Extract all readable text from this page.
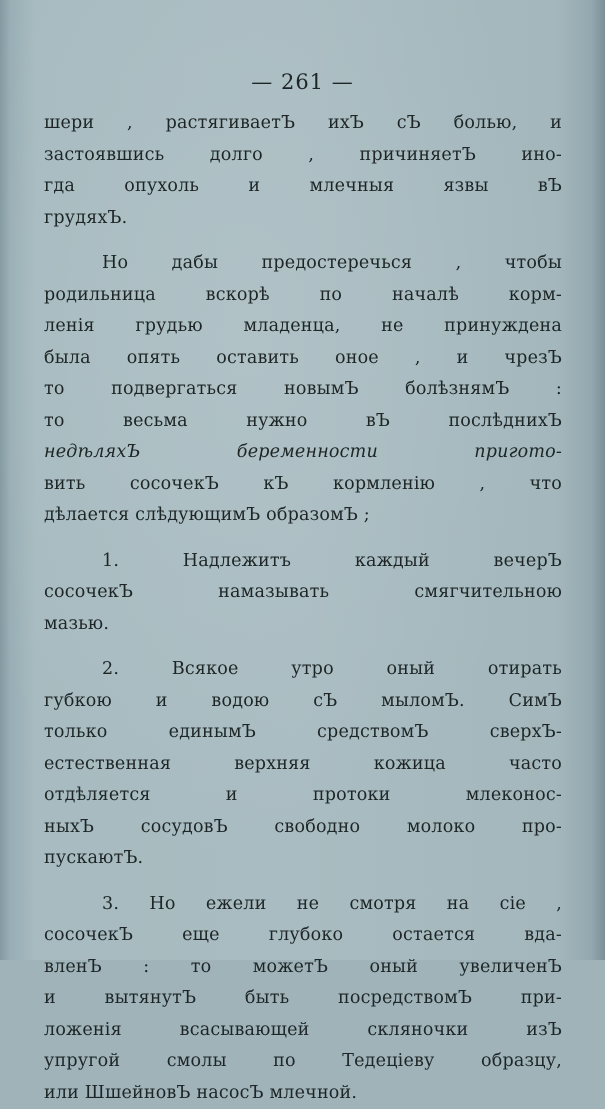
— 261 —
шери , растягиваетЪ ихЪ сЪ болью, и
застоявшись долго , причиняетЪ ино-
гда опухоль и млечныя язвы вЪ
грудяхЪ.
Но дабы предостеречься , чтобы
родильница вскорѣ по началѣ корм-
ленія грудью младенца, не принуждена
была опять оставить оное , и чрезЪ
то подвергаться новымЪ болѣзнямЪ :
то весьма нужно вЪ послѣднихЪ
недѣляхЪ беременности пригото-
вить сосочекЪ кЪ кормленію , что
дѣлается слѣдующимЪ образомЪ ;
1. Надлежитъ каждый вечерЪ
сосочекЪ намазывать смягчительною
мазью.
2. Всякое утро оный отирать
губкою и водою сЪ мыломЪ. СимЪ
только единымЪ средствомЪ сверхЪ-
естественная верхняя кожица часто
отдѣляется и протоки млеконос-
ныхЪ сосудовЪ свободно молоко про-
пускаютЪ.
3. Но ежели не смотря на сіе ,
сосочекЪ еще глубоко остается вда-
вленЪ : то можетЪ оный увеличенЪ
и вытянутЪ быть посредствомЪ при-
ложенія всасывающей скляночки изЪ
упругой смолы по Тедеціеву образцу,
или ШшейновЪ насосЪ млечной.
